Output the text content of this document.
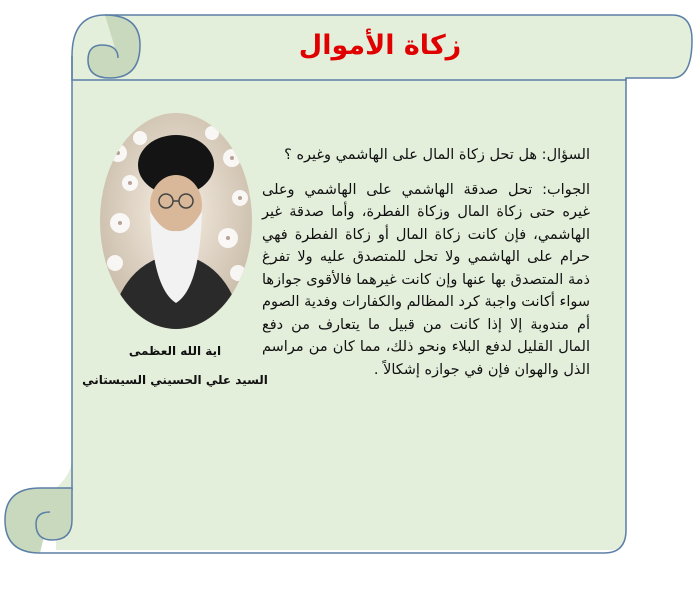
زكاة الأموال
اية الله العظمى
السيد علي الحسيني السيستاني

السؤال: هل تحل زكاة المال على الهاشمي وغيره ؟

الجواب: تحل صدقة الهاشمي على الهاشمي وعلى غيره حتى زكاة المال وزكاة الفطرة، وأما صدقة غير الهاشمي، فإن كانت زكاة المال أو زكاة الفطرة فهي حرام على الهاشمي ولا تحل للمتصدق عليه ولا تفرغ ذمة المتصدق بها عنها وإن كانت غيرهما فالأقوى جوازها سواء أكانت واجبة كرد المظالم والكفارات وفدية الصوم أم مندوبة إلا إذا كانت من قبيل ما يتعارف من دفع المال القليل لدفع البلاء ونحو ذلك، مما كان من مراسم الذل والهوان فإن في جوازه إشكالاً .
